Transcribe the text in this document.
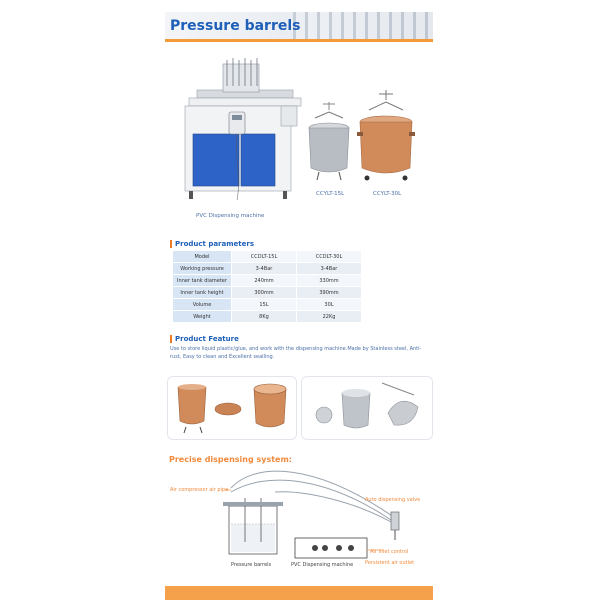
Pressure barrels
PVC Dispensing machine
CCYLT-15L	CCYLT-30L
Product parameters
Model	CCDLT-15L	CCDLT-30L
Working pressure	3-4Bar	3-4Bar
Inner tank diameter	240mm	330mm
Inner tank height	300mm	390mm
Volume	15L	30L
Weight	8Kg	22Kg
Product Feature
Use to store liquid plastic/glue, and work with the dispensing machine.Made by Stainless steel, Anti-rust, Easy to clean and Excellent sealling.
Precise dispensing system:
Air compressor air pipe
Auto dispensing valve
Air inlet control
Persistent air outlet
Pressure barrels	PVC Dispensing machine
